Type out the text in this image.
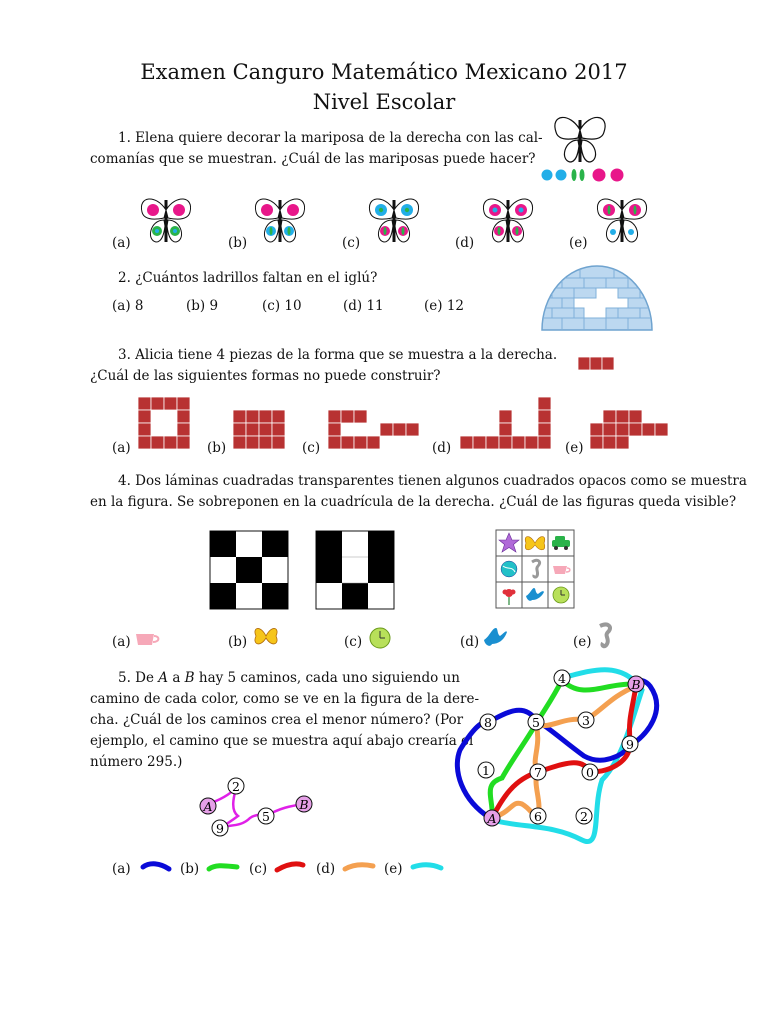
Examen Canguro Matemático Mexicano 2017
Nivel Escolar
1. Elena quiere decorar la mariposa de la derecha con las cal-
comanías que se muestran. ¿Cuál de las mariposas puede hacer?
(a)	(b)	(c)	(d)	(e)
2. ¿Cuántos ladrillos faltan en el iglú?
(a) 8	(b) 9	(c) 10	(d) 11	(e) 12
3. Alicia tiene 4 piezas de la forma que se muestra a la derecha.
¿Cuál de las siguientes formas no puede construir?
(a)	(b)	(c)	(d)	(e)
4. Dos láminas cuadradas transparentes tienen algunos cuadrados opacos como se muestra
en la figura. Se sobreponen en la cuadrícula de la derecha. ¿Cuál de las figuras queda visible?
(a)	(b)	(c)	(d)	(e)
5. De A a B hay 5 caminos, cada uno siguiendo un
camino de cada color, como se ve en la figura de la dere-
cha. ¿Cuál de los caminos crea el menor número? (Por
ejemplo, el camino que se muestra aquí abajo crearía el
número 295.)
A
2
9
5
B
4	B
8	5	3
9
1	7	0
A	6	2
(a)	(b)	(c)	(d)	(e)
